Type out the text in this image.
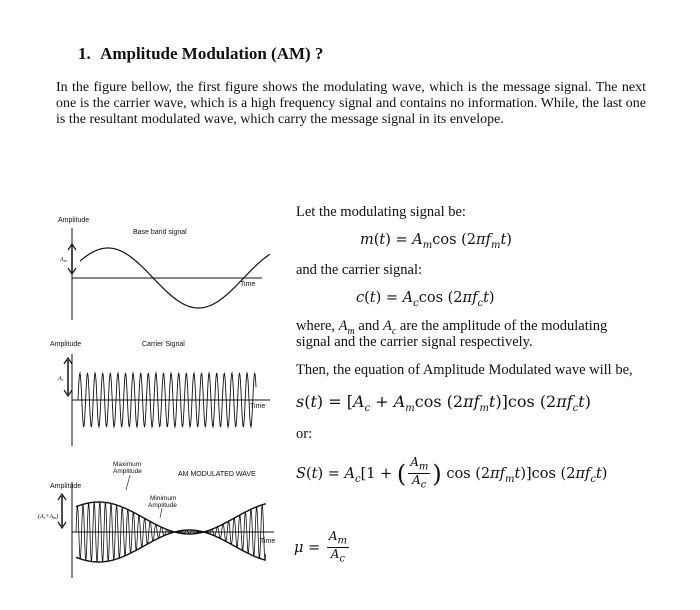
1. Amplitude Modulation (AM) ?

In the figure bellow, the first figure shows the modulating wave, which is the message signal. The next one is the carrier wave, which is a high frequency signal and contains no information. While, the last one is the resultant modulated wave, which carry the message signal in its envelope.

Amplitude
Base band signal
Time
Am
Amplitude	Carrier Signal
Time
Ac
Maximum
Amplitude	AM MODULATED WAVE
Amplitude
Minimum
Amplitude
Time
(Ac+Am)
Let the modulating signal be:
$m(t) = A_m\cos$ $(2\pi f_mt)$
and the carrier signal:
$c(t) = A_c\cos$ $(2\pi f_ct)$
where, $A_m$ and $A_c$ are the amplitude of the modulating
signal and the carrier signal respectively.
Then, the equation of Amplitude Modulated wave will be,
$s(t) = [A_c + A_m\cos$ $(2\pi f_mt)]\cos$ $(2\pi f_ct)$
or:
$S(t) = A_c[1$ + ( $\frac{A_m}{A_c}$ ) $\cos (2\pi f_mt)]\cos$ $(2\pi f_ct)$
$\mu = \frac{A_m}{A_c}$
